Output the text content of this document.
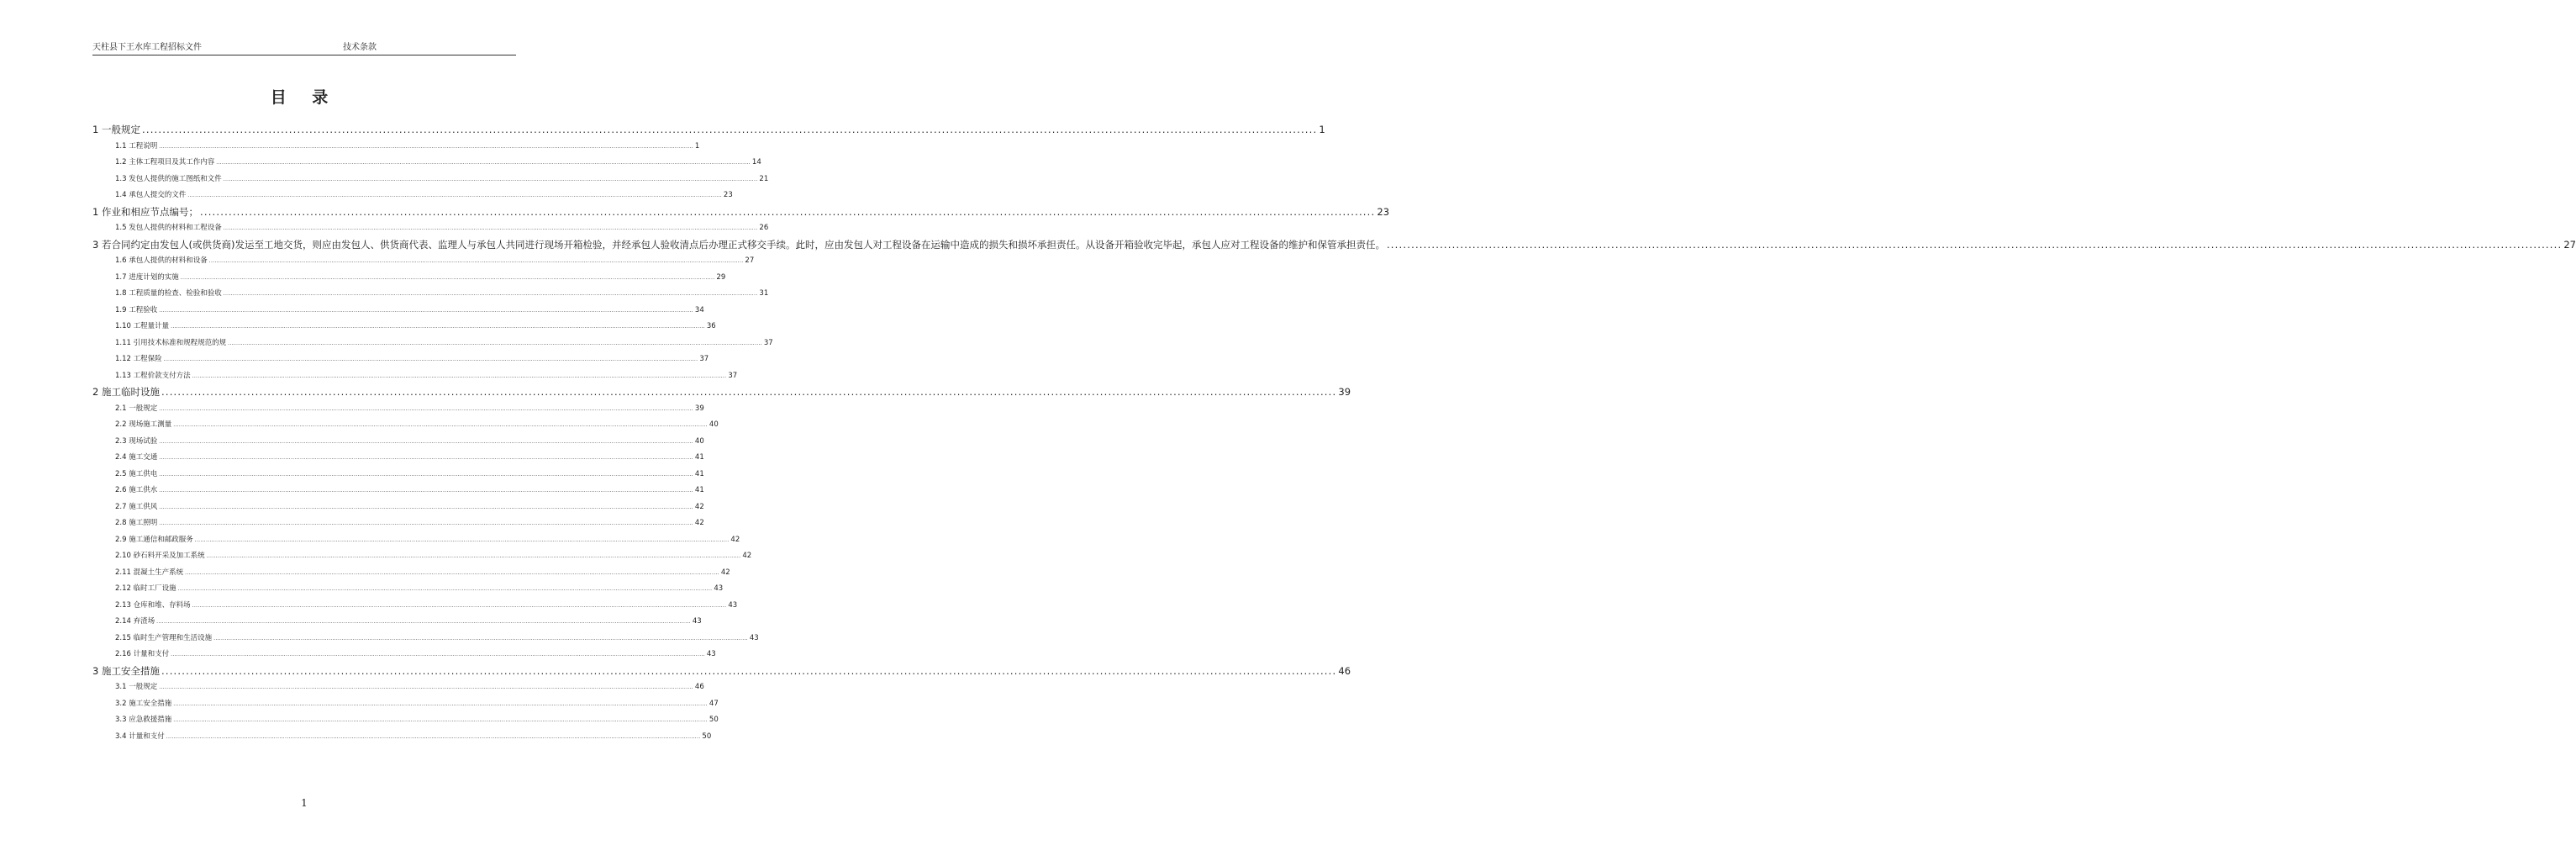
天柱县下王水库工程招标文件	技术条款
目 录
1 一般规定 .....	1
1.1 工程说明 .....	1
1.2 主体工程项目及其工作内容 .....	14
1.3 发包人提供的施工图纸和文件 .....	21
1.4 承包人提交的文件 .....	23
1 作业和相应节点编号； .....	23
1.5 发包人提供的材料和工程设备 .....	26
3 若合同约定由发包人(或供货商)发运至工地交货，则应由发包人、供货商代表、监理人与 承包人共同进行现场开箱检验，并经承包人验收清点后办理正式移交手续。此时，应由发 包人对工程设备在运输中造成的损失和损坏承担责任。从设备开箱验收完毕起，承包人应 对工程设备的维护和保管承担责任。 .....	27
1.6 承包人提供的材料和设备 .....	27
1.7 进度计划的实施 .....	29
1.8 工程质量的检查、检验和验收 .....	31
1.9 工程验收 .....	34
1.10 工程量计量 .....	36
1.11 引用技术标准和规程规范的规 .....	37
1.12 工程保险 .....	37
1.13 工程价款支付方法 .....	37
2 施工临时设施 .....	39
2.1 一般规定 .....	39
2.2 现场施工测量 .....	40
2.3 现场试验 .....	40
2.4 施工交通 .....	41
2.5 施工供电 .....	41
2.6 施工供水 .....	41
2.7 施工供风 .....	42
2.8 施工照明 .....	42
2.9 施工通信和邮政服务 .....	42
2.10 砂石料开采及加工系统 .....	42
2.11 混凝土生产系统 .....	42
2.12 临时工厂设施 .....	43
2.13 仓库和堆、存料场 .....	43
2.14 弃渣场 .....	43
2.15 临时生产管理和生活设施 .....	43
2.16 计量和支付 .....	43
3 施工安全措施 .....	46
3.1 一般规定 .....	46
3.2 施工安全措施 .....	47
3.3 应急救援措施 .....	50
3.4 计量和支付 .....	50
1
